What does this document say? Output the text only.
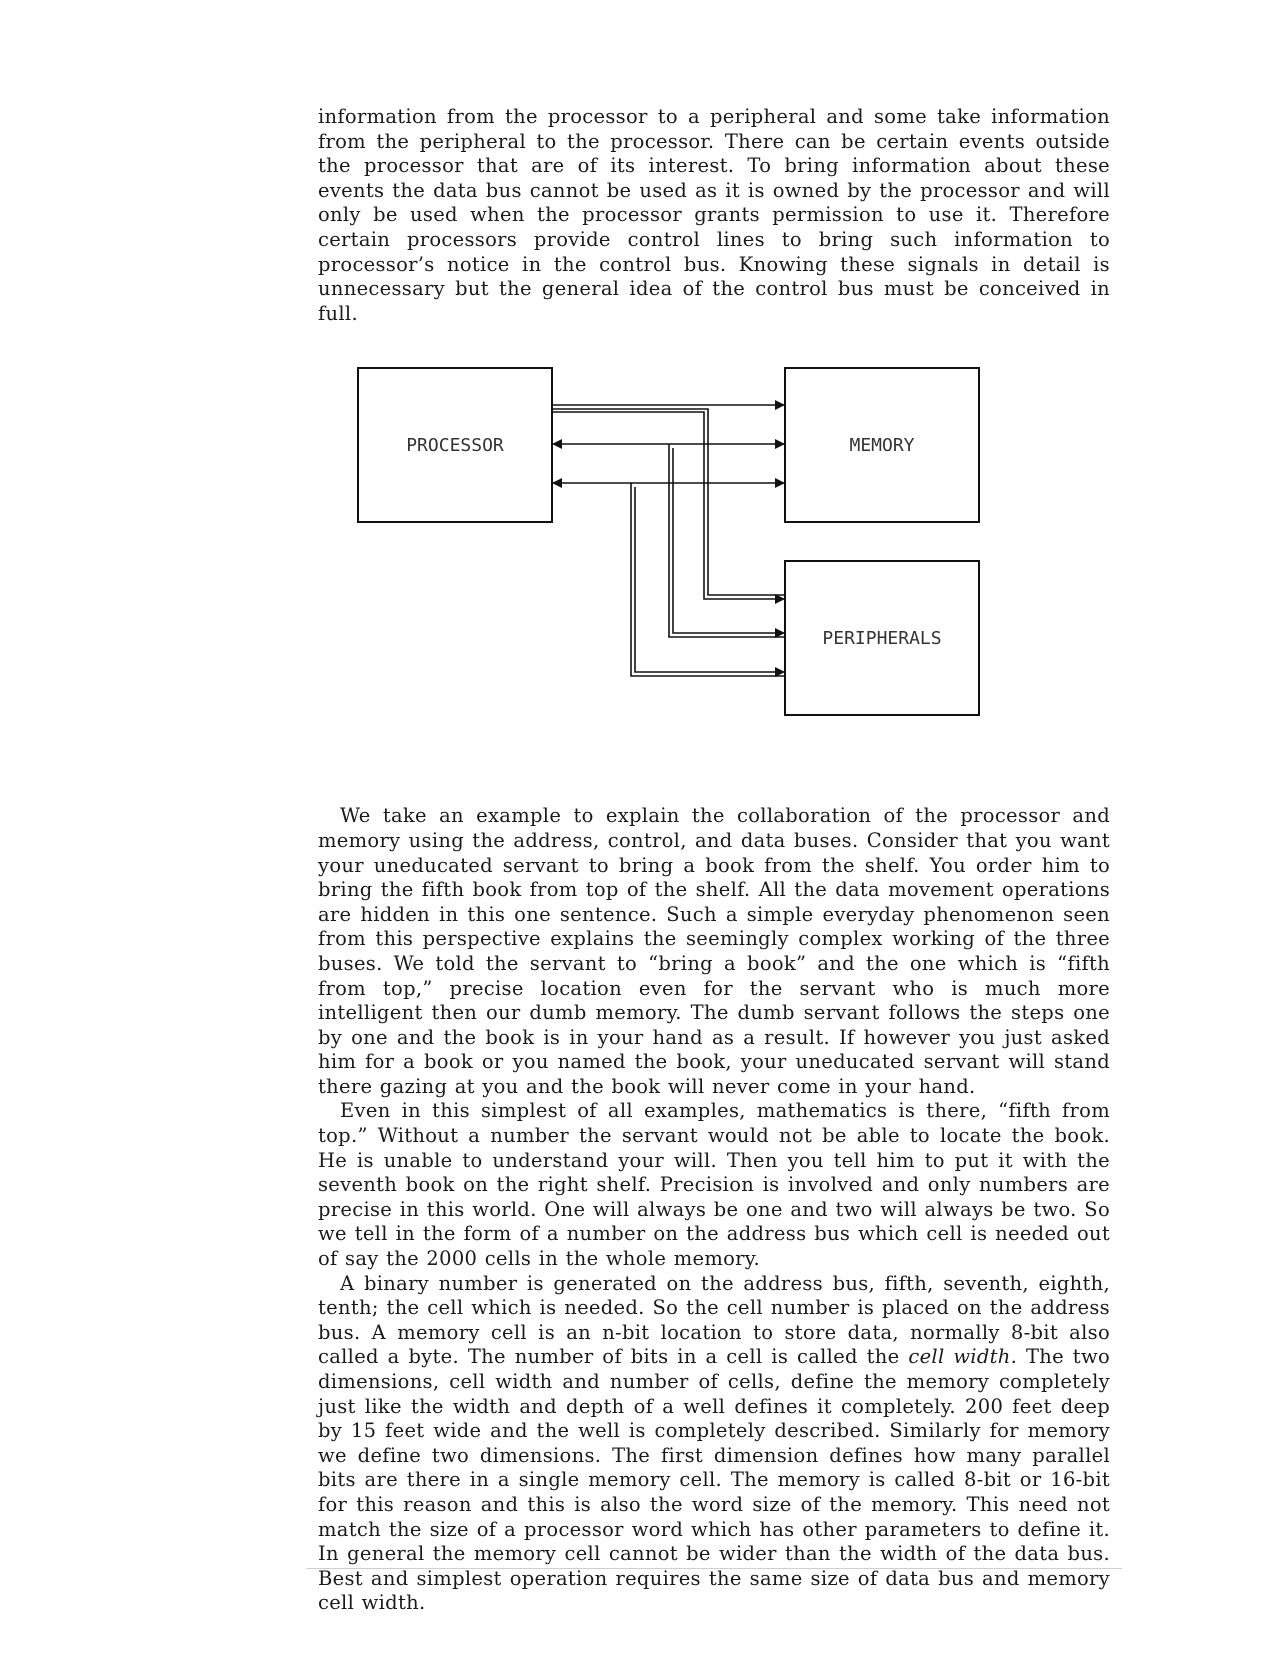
information from the processor to a peripheral and some take information from the peripheral to the processor. There can be certain events outside the processor that are of its interest. To bring information about these events the data bus cannot be used as it is owned by the processor and will only be used when the processor grants permission to use it. Therefore certain processors provide control lines to bring such information to processor’s notice in the control bus. Knowing these signals in detail is unnecessary but the general idea of the control bus must be conceived in full.

PROCESSOR	MEMORY
PERIPHERALS

We take an example to explain the collaboration of the processor and memory using the address, control, and data buses. Consider that you want your uneducated servant to bring a book from the shelf. You order him to bring the fifth book from top of the shelf. All the data movement operations are hidden in this one sentence. Such a simple everyday phenomenon seen from this perspective explains the seemingly complex working of the three buses. We told the servant to “bring a book” and the one which is “fifth from top,” precise location even for the servant who is much more intelligent then our dumb memory. The dumb servant follows the steps one by one and the book is in your hand as a result. If however you just asked him for a book or you named the book, your uneducated servant will stand there gazing at you and the book will never come in your hand.

Even in this simplest of all examples, mathematics is there, “fifth from top.” Without a number the servant would not be able to locate the book. He is unable to understand your will. Then you tell him to put it with the seventh book on the right shelf. Precision is involved and only numbers are precise in this world. One will always be one and two will always be two. So we tell in the form of a number on the address bus which cell is needed out of say the 2000 cells in the whole memory.

A binary number is generated on the address bus, fifth, seventh, eighth, tenth; the cell which is needed. So the cell number is placed on the address bus. A memory cell is an n-bit location to store data, normally 8-bit also called a byte. The number of bits in a cell is called the cell width. The two dimensions, cell width and number of cells, define the memory completely just like the width and depth of a well defines it completely. 200 feet deep by 15 feet wide and the well is completely described. Similarly for memory we define two dimensions. The first dimension defines how many parallel bits are there in a single memory cell. The memory is called 8-bit or 16-bit for this reason and this is also the word size of the memory. This need not match the size of a processor word which has other parameters to define it. In general the memory cell cannot be wider than the width of the data bus. Best and simplest operation requires the same size of data bus and memory cell width.
